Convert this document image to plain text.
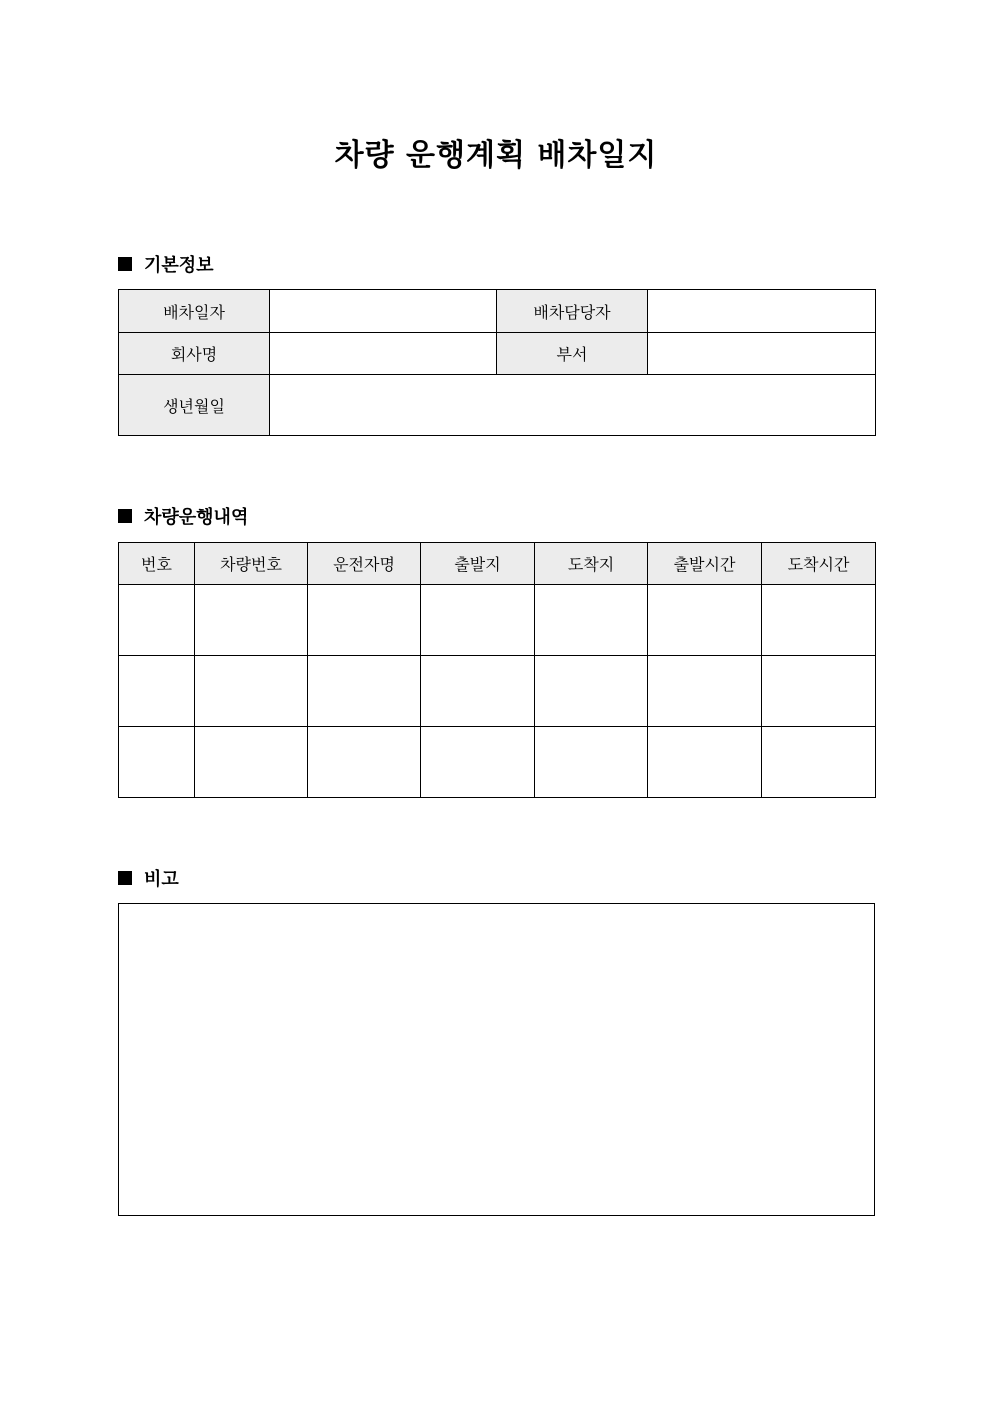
차량 운행계획 배차일지
기본정보
배차일자		배차담당자	
회사명		부서	
생년월일			
차량운행내역
번호	차량번호	운전자명	출발지	도착지	출발시간	도착시간

비고
